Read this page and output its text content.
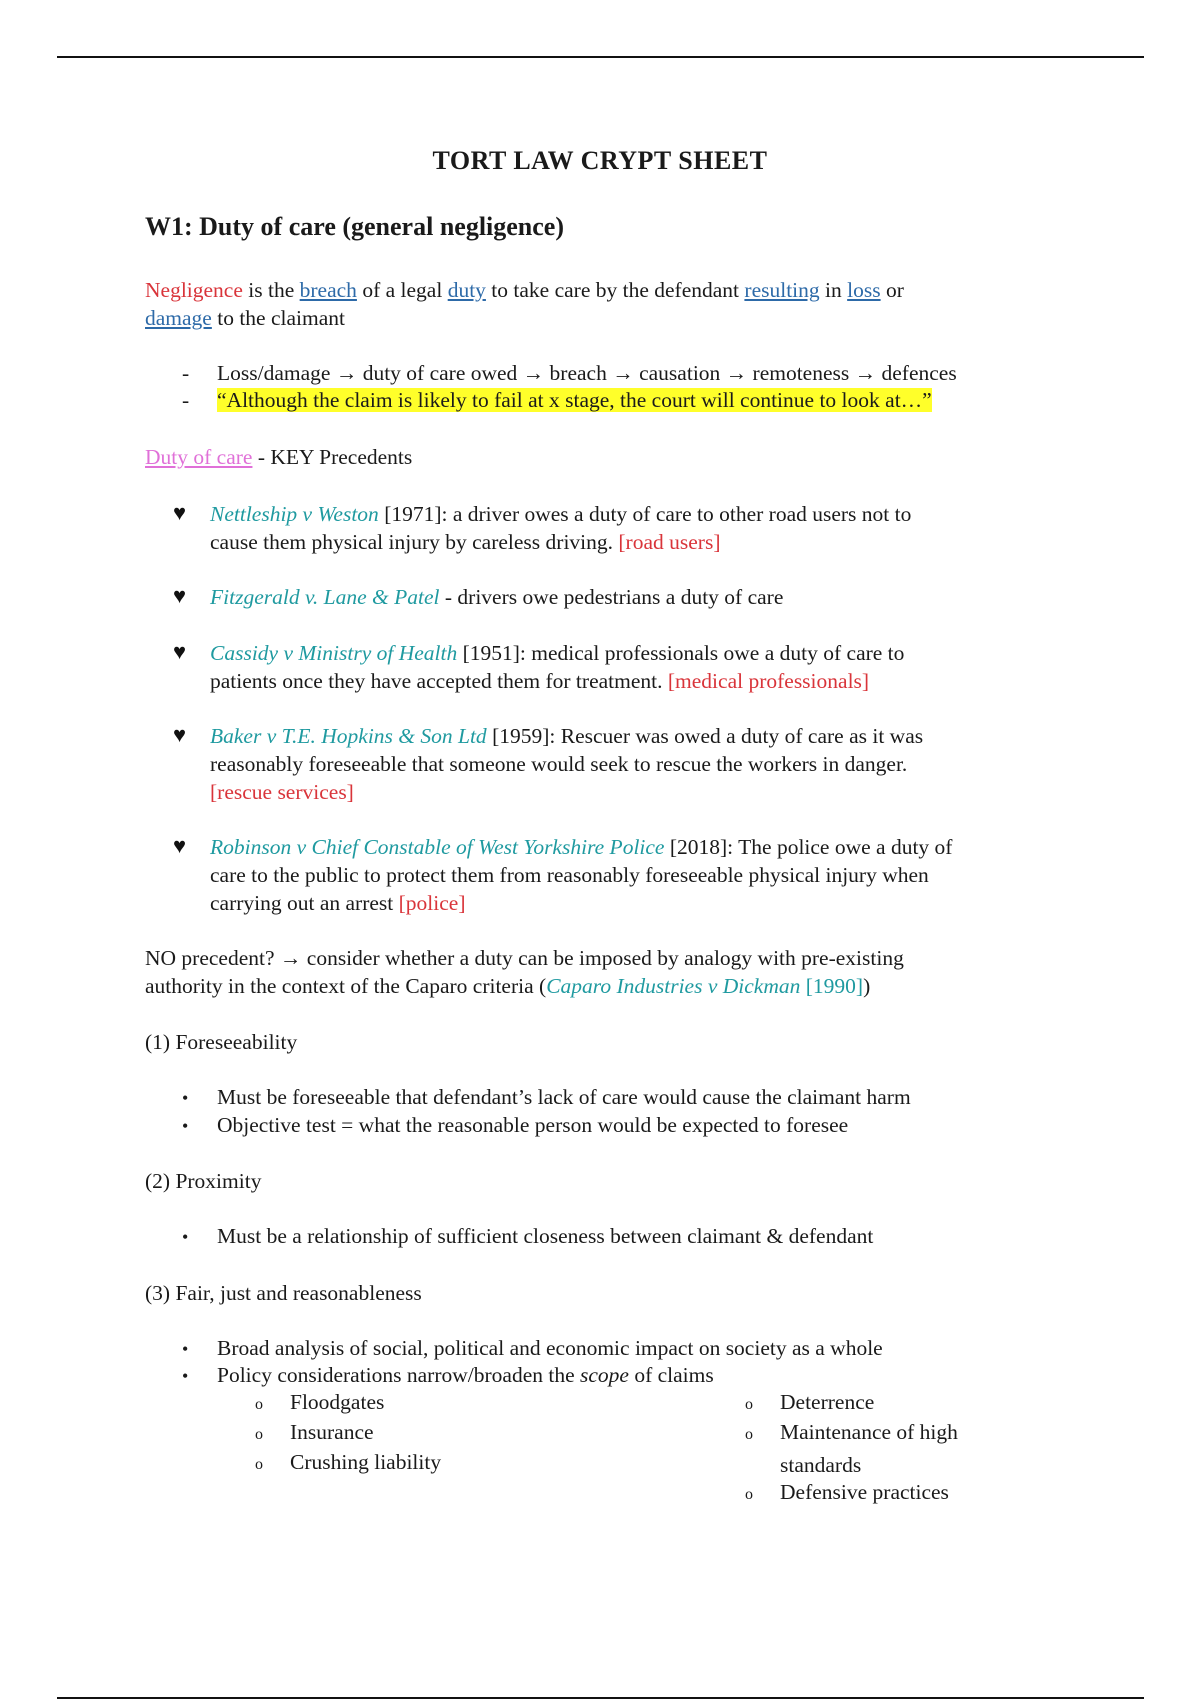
TORT LAW CRYPT SHEET
W1: Duty of care (general negligence)
Negligence is the breach of a legal duty to take care by the defendant resulting in loss or
damage to the claimant
- Loss/damage → duty of care owed → breach → causation → remoteness → defences
- “Although the claim is likely to fail at x stage, the court will continue to look at…”
Duty of care - KEY Precedents
♥ Nettleship v Weston [1971]: a driver owes a duty of care to other road users not to
cause them physical injury by careless driving. [road users]
♥ Fitzgerald v. Lane & Patel - drivers owe pedestrians a duty of care
♥ Cassidy v Ministry of Health [1951]: medical professionals owe a duty of care to
patients once they have accepted them for treatment. [medical professionals]
♥ Baker v T.E. Hopkins & Son Ltd [1959]: Rescuer was owed a duty of care as it was
reasonably foreseeable that someone would seek to rescue the workers in danger.
[rescue services]
♥ Robinson v Chief Constable of West Yorkshire Police [2018]: The police owe a duty of
care to the public to protect them from reasonably foreseeable physical injury when
carrying out an arrest [police]
NO precedent? → consider whether a duty can be imposed by analogy with pre-existing
authority in the context of the Caparo criteria (Caparo Industries v Dickman [1990])
(1) Foreseeability
• Must be foreseeable that defendant’s lack of care would cause the claimant harm
• Objective test = what the reasonable person would be expected to foresee
(2) Proximity
• Must be a relationship of sufficient closeness between claimant & defendant
(3) Fair, just and reasonableness
• Broad analysis of social, political and economic impact on society as a whole
• Policy considerations narrow/broaden the scope of claims
o Floodgates
o Insurance
o Crushing liability
o Deterrence
o Maintenance of high
standards
o Defensive practices
